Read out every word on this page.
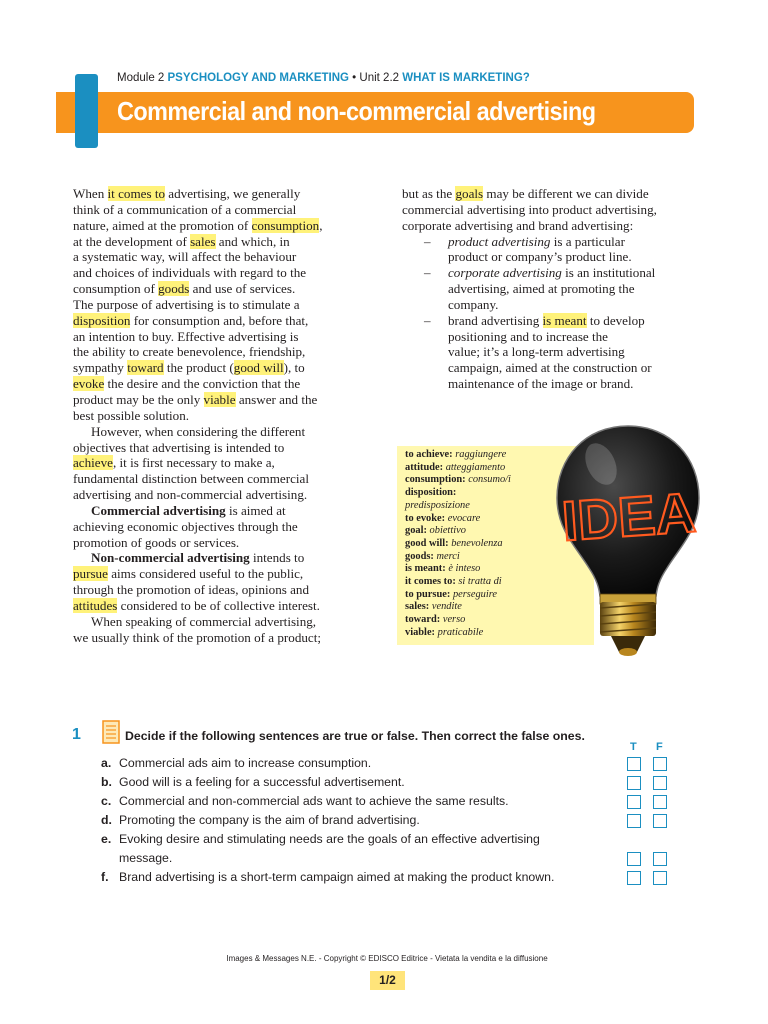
Module 2 PSYCHOLOGY AND MARKETING • Unit 2.2 WHAT IS MARKETING?
Commercial and non-commercial advertising

When it comes to advertising, we generally

think of a communication of a commercial

nature, aimed at the promotion of consumption,

at the development of sales and which, in

a systematic way, will affect the behaviour

and choices of individuals with regard to the

consumption of goods and use of services.

The purpose of advertising is to stimulate a

disposition for consumption and, before that,

an intention to buy. Effective advertising is

the ability to create benevolence, friendship,

sympathy toward the product (good will), to

evoke the desire and the conviction that the

product may be the only viable answer and the

best possible solution.

However, when considering the different

objectives that advertising is intended to

achieve, it is first necessary to make a,

fundamental distinction between commercial

advertising and non-commercial advertising.

Commercial advertising is aimed at

achieving economic objectives through the

promotion of goods or services.

Non-commercial advertising intends to

pursue aims considered useful to the public,

through the promotion of ideas, opinions and

attitudes considered to be of collective interest.

When speaking of commercial advertising,

we usually think of the promotion of a product;

but as the goals may be different we can divide

commercial advertising into product advertising,

corporate advertising and brand advertising:

– product advertising is a particular

product or company’s product line.

– corporate advertising is an institutional

advertising, aimed at promoting the

company.

– brand advertising is meant to develop

positioning and to increase the

value; it’s a long-term advertising

campaign, aimed at the construction or

maintenance of the image or brand.

to achieve: raggiungere
attitude: atteggiamento
consumption: consumo/i
disposition:
predisposizione
to evoke: evocare
goal: obiettivo
good will: benevolenza
goods: merci
is meant: è inteso
it comes to: si tratta di
to pursue: perseguire
sales: vendite
toward: verso
viable: praticabile
IDEA
1	Decide if the following sentences are true or false. Then correct the false ones.
T F
a. Commercial ads aim to increase consumption.
b. Good will is a feeling for a successful advertisement.
c. Commercial and non-commercial ads want to achieve the same results.
d. Promoting the company is the aim of brand advertising.
e. Evoking desire and stimulating needs are the goals of an effective advertising
message.
f. Brand advertising is a short-term campaign aimed at making the product known.
Images & Messages N.E. - Copyright © EDISCO Editrice - Vietata la vendita e la diffusione
1/2
